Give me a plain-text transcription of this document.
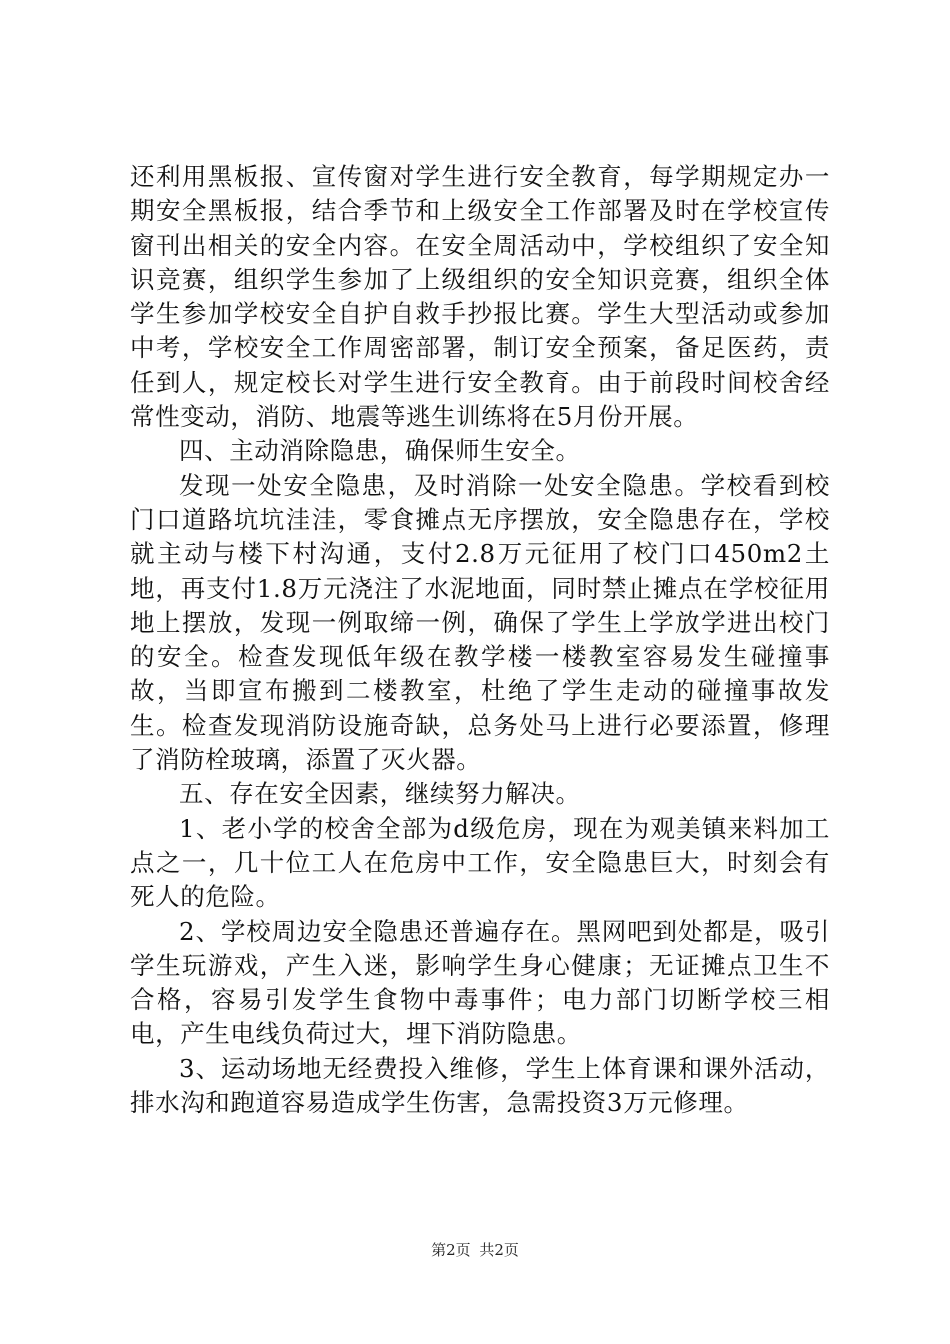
还利用黑板报、宣传窗对学生进行安全教育，每学期规定办一期安全黑板报，结合季节和上级安全工作部署及时在学校宣传窗刊出相关的安全内容。在安全周活动中，学校组织了安全知识竞赛，组织学生参加了上级组织的安全知识竞赛，组织全体学生参加学校安全自护自救手抄报比赛。学生大型活动或参加中考，学校安全工作周密部署，制订安全预案，备足医药，责任到人，规定校长对学生进行安全教育。由于前段时间校舍经常性变动，消防、地震等逃生训练将在5月份开展。

四、主动消除隐患，确保师生安全。

发现一处安全隐患，及时消除一处安全隐患。学校看到校门口道路坑坑洼洼，零食摊点无序摆放，安全隐患存在，学校就主动与楼下村沟通，支付2.8万元征用了校门口450m2土地，再支付1.8万元浇注了水泥地面，同时禁止摊点在学校征用地上摆放，发现一例取缔一例，确保了学生上学放学进出校门的安全。检查发现低年级在教学楼一楼教室容易发生碰撞事故，当即宣布搬到二楼教室，杜绝了学生走动的碰撞事故发生。检查发现消防设施奇缺，总务处马上进行必要添置，修理了消防栓玻璃，添置了灭火器。

五、存在安全因素，继续努力解决。

1、老小学的校舍全部为d级危房，现在为观美镇来料加工点之一，几十位工人在危房中工作，安全隐患巨大，时刻会有死人的危险。

2、学校周边安全隐患还普遍存在。黑网吧到处都是，吸引学生玩游戏，产生入迷，影响学生身心健康；无证摊点卫生不合格，容易引发学生食物中毒事件；电力部门切断学校三相电，产生电线负荷过大，埋下消防隐患。

3、运动场地无经费投入维修，学生上体育课和课外活动，排水沟和跑道容易造成学生伤害，急需投资3万元修理。

第2页 共2页
